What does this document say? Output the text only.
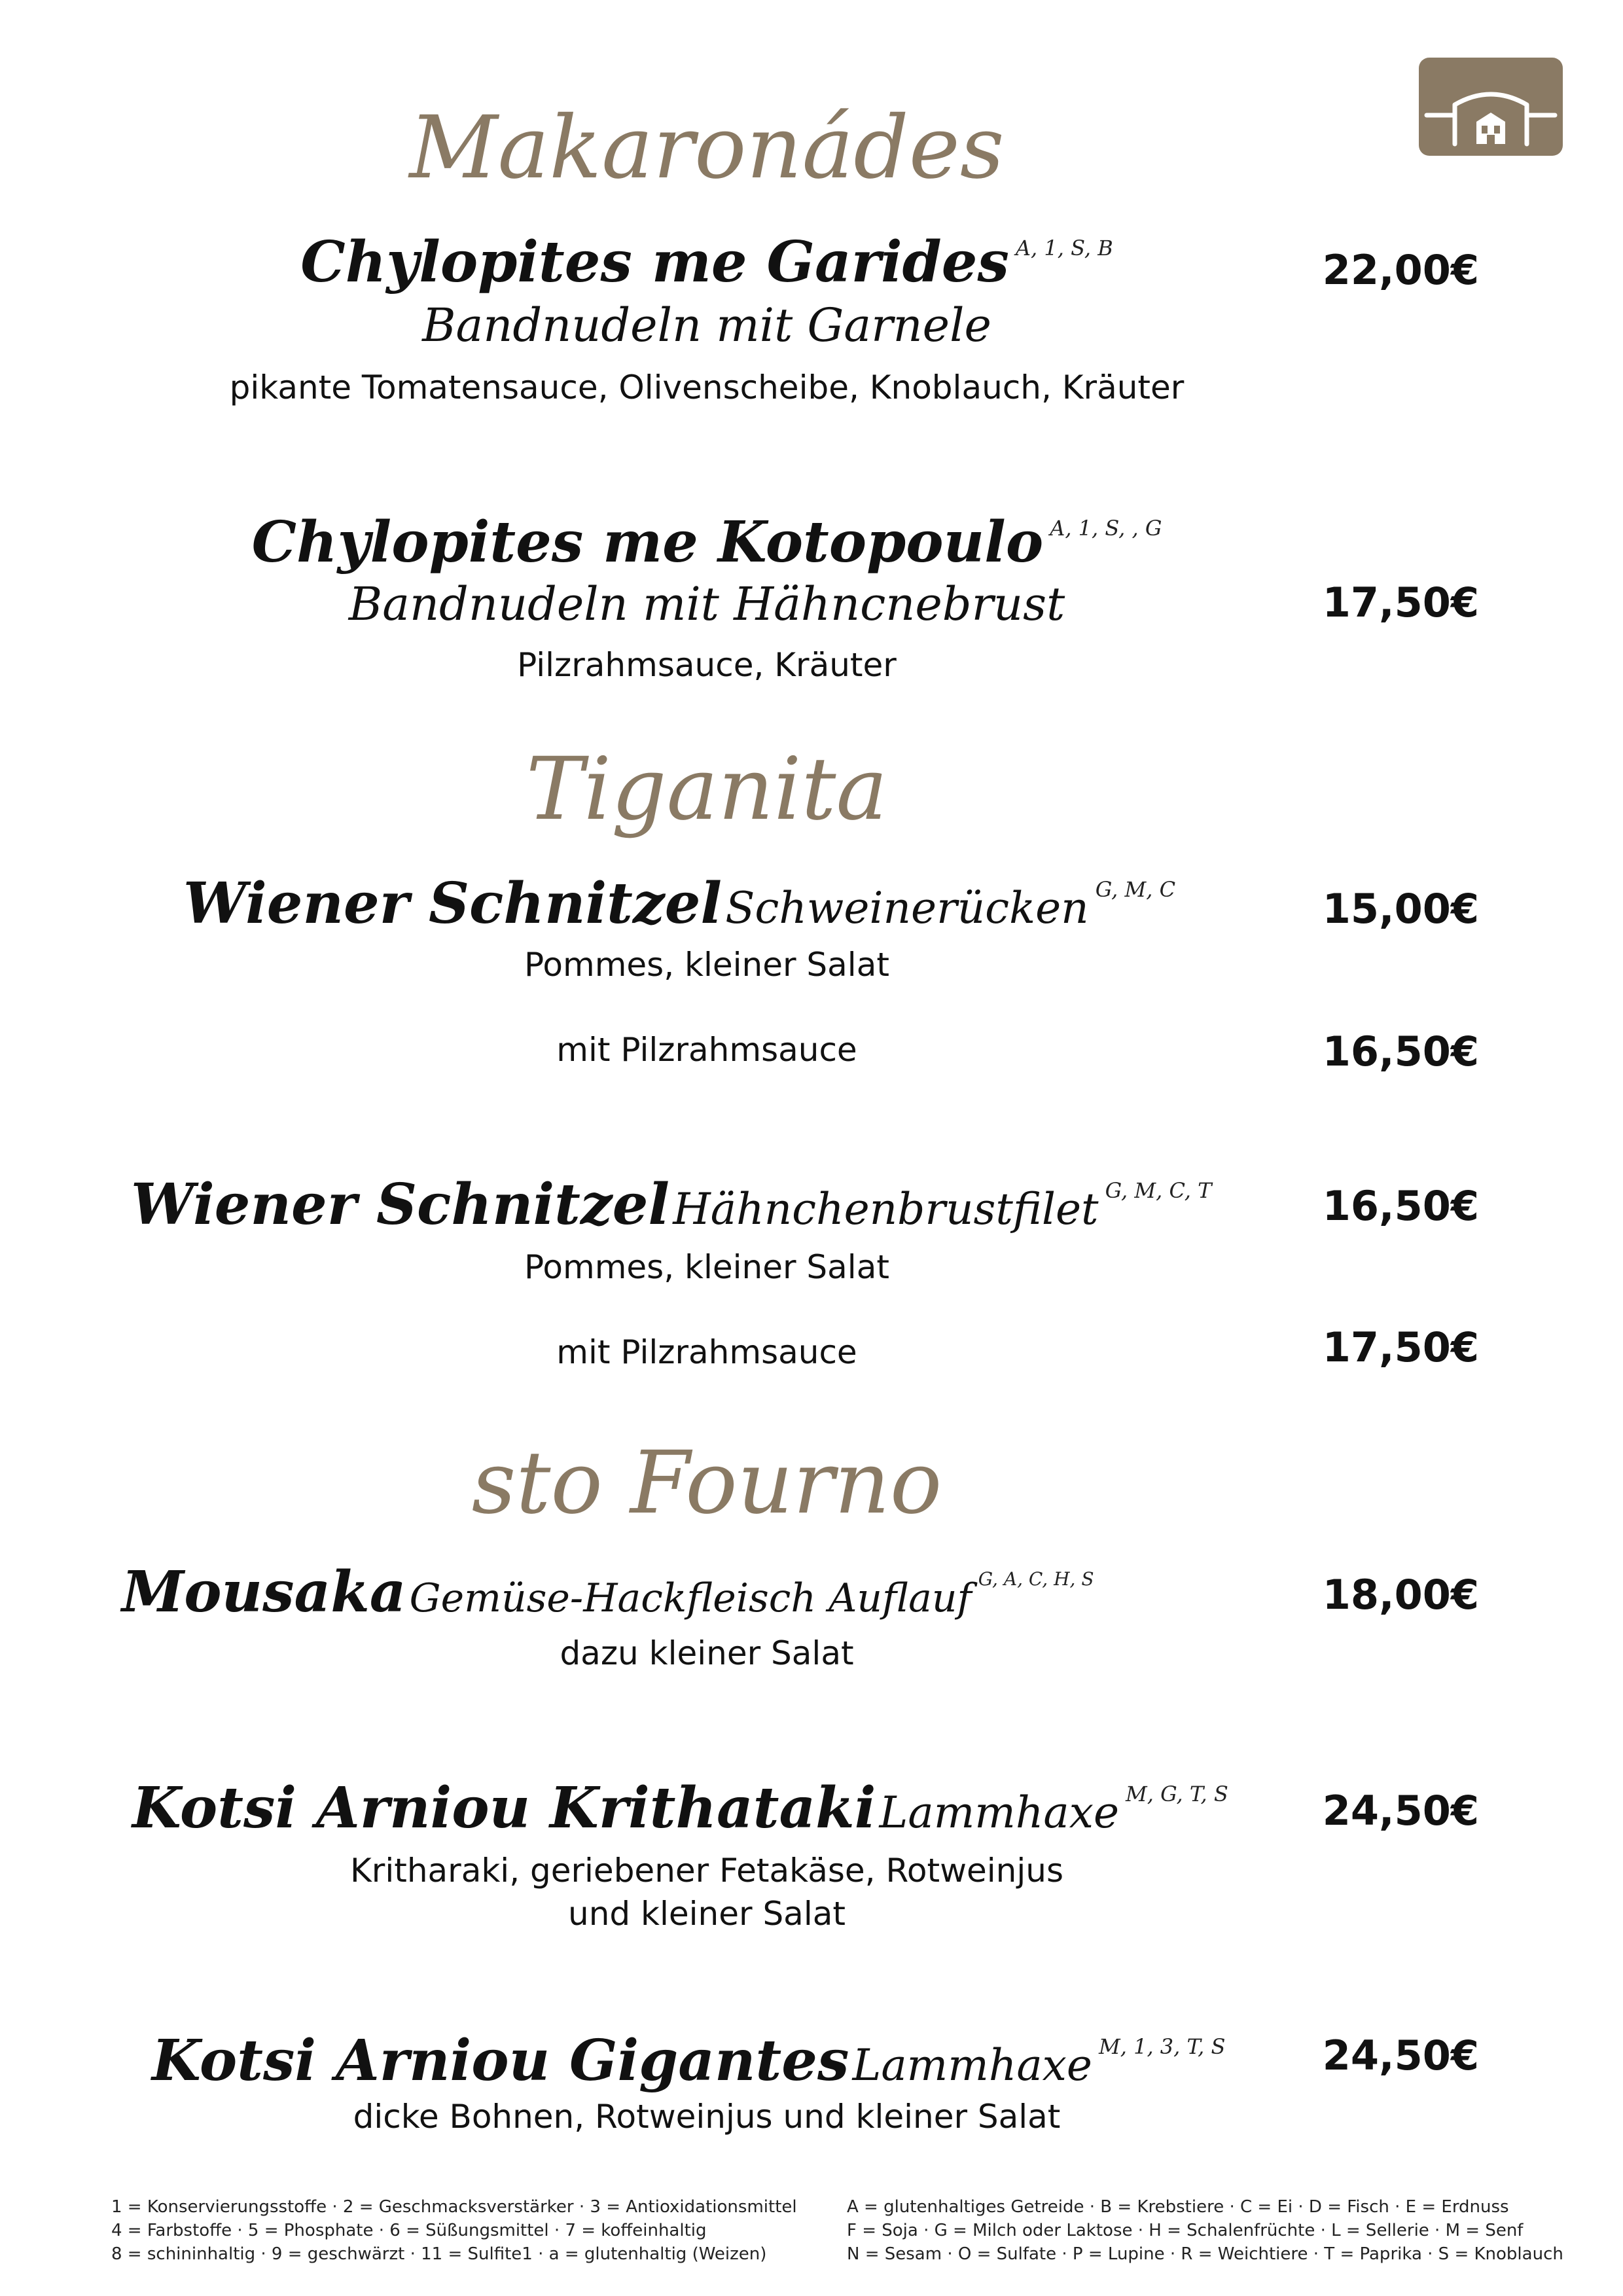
Makaronádes
Chylopites me Garides A, 1, S, B	22,00€
Bandnudeln mit Garnele
pikante Tomatensauce, Olivenscheibe, Knoblauch, Kräuter
Chylopites me Kotopoulo A, 1, S, , G
Bandnudeln mit Hähncnebrust	17,50€
Pilzrahmsauce, Kräuter
Tiganita
Wiener Schnitzel Schweinerücken G, M, C	15,00€
Pommes, kleiner Salat
mit Pilzrahmsauce	16,50€
Wiener Schnitzel Hähnchenbrustfilet G, M, C, T	16,50€
Pommes, kleiner Salat
mit Pilzrahmsauce	17,50€
sto Fourno
Mousaka Gemüse-Hackfleisch Auflauf G, A, C, H, S	18,00€
dazu kleiner Salat
Kotsi Arniou Krithataki Lammhaxe M, G, T, S	24,50€
Kritharaki, geriebener Fetakäse, Rotweinjus
und kleiner Salat
Kotsi Arniou Gigantes Lammhaxe M, 1, 3, T, S	24,50€
dicke Bohnen, Rotweinjus und kleiner Salat
1 = Konservierungsstoffe · 2 = Geschmacksverstärker · 3 = Antioxidationsmittel
4 = Farbstoffe · 5 = Phosphate · 6 = Süßungsmittel · 7 = koffeinhaltig
8 = schininhaltig · 9 = geschwärzt · 11 = Sulfite1 · a = glutenhaltig (Weizen)
A = glutenhaltiges Getreide · B = Krebstiere · C = Ei · D = Fisch · E = Erdnuss
F = Soja · G = Milch oder Laktose · H = Schalenfrüchte · L = Sellerie · M = Senf
N = Sesam · O = Sulfate · P = Lupine · R = Weichtiere · T = Paprika · S = Knoblauch
